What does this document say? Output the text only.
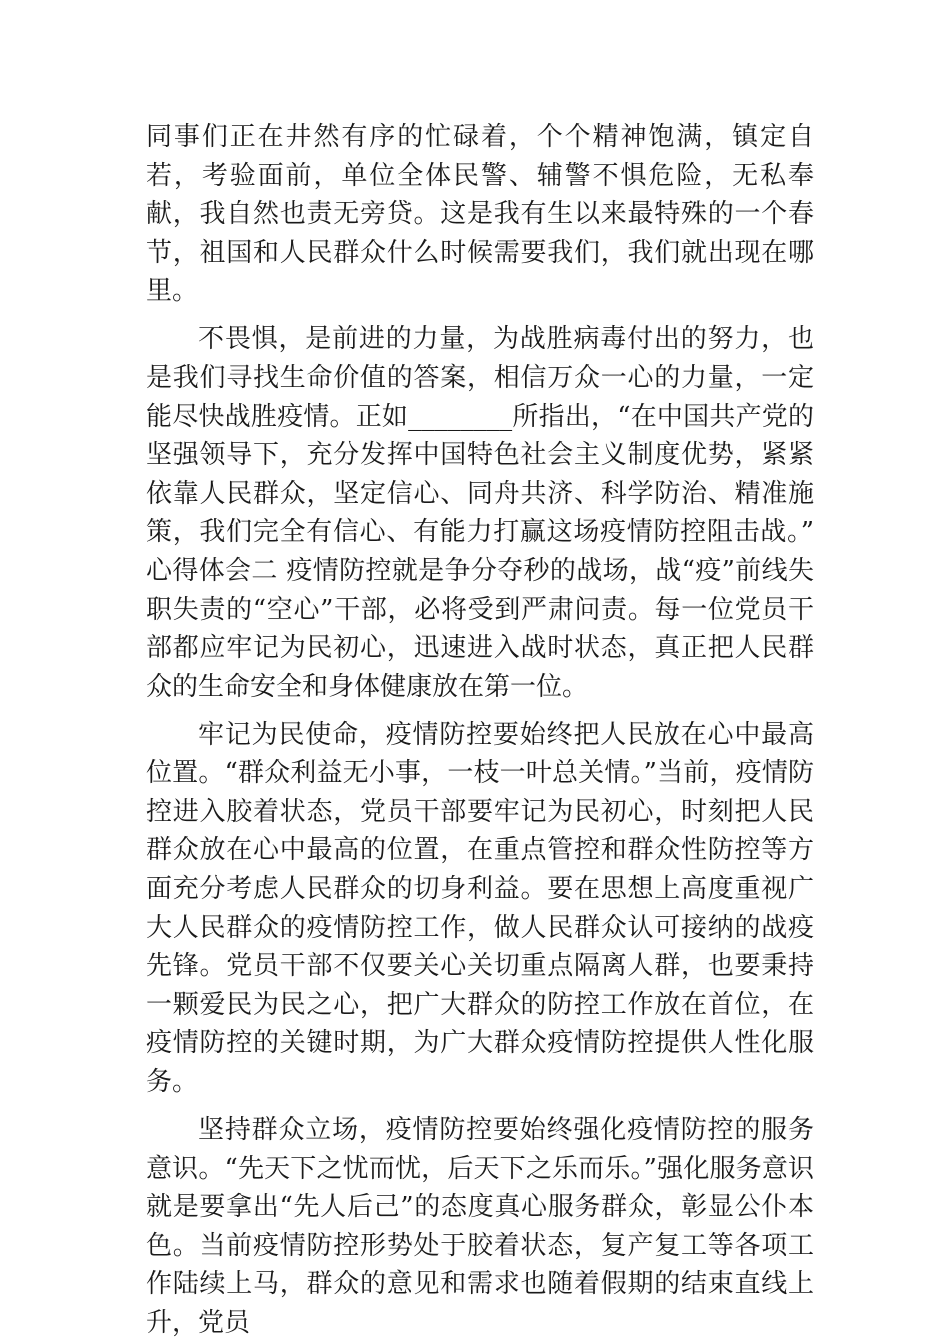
同事们正在井然有序的忙碌着，个个精神饱满，镇定自若，考验面前，单位全体民警、辅警不惧危险，无私奉献，我自然也责无旁贷。这是我有生以来最特殊的一个春节，祖国和人民群众什么时候需要我们，我们就出现在哪里。

不畏惧，是前进的力量，为战胜病毒付出的努力，也是我们寻找生命价值的答案，相信万众一心的力量，一定能尽快战胜疫情。正如________所指出，“在中国共产党的坚强领导下，充分发挥中国特色社会主义制度优势，紧紧依靠人民群众，坚定信心、同舟共济、科学防治、精准施策，我们完全有信心、有能力打赢这场疫情防控阻击战。” 心得体会二 疫情防控就是争分夺秒的战场，战“疫”前线失职失责的“空心”干部，必将受到严肃问责。每一位党员干部都应牢记为民初心，迅速进入战时状态，真正把人民群众的生命安全和身体健康放在第一位。

牢记为民使命，疫情防控要始终把人民放在心中最高位置。“群众利益无小事，一枝一叶总关情。”当前，疫情防控进入胶着状态，党员干部要牢记为民初心，时刻把人民群众放在心中最高的位置，在重点管控和群众性防控等方面充分考虑人民群众的切身利益。要在思想上高度重视广大人民群众的疫情防控工作，做人民群众认可接纳的战疫先锋。党员干部不仅要关心关切重点隔离人群，也要秉持一颗爱民为民之心，把广大群众的防控工作放在首位，在疫情防控的关键时期，为广大群众疫情防控提供人性化服务。

坚持群众立场，疫情防控要始终强化疫情防控的服务意识。“先天下之忧而忧，后天下之乐而乐。”强化服务意识就是要拿出“先人后己”的态度真心服务群众，彰显公仆本色。当前疫情防控形势处于胶着状态，复产复工等各项工作陆续上马，群众的意见和需求也随着假期的结束直线上升，党员
